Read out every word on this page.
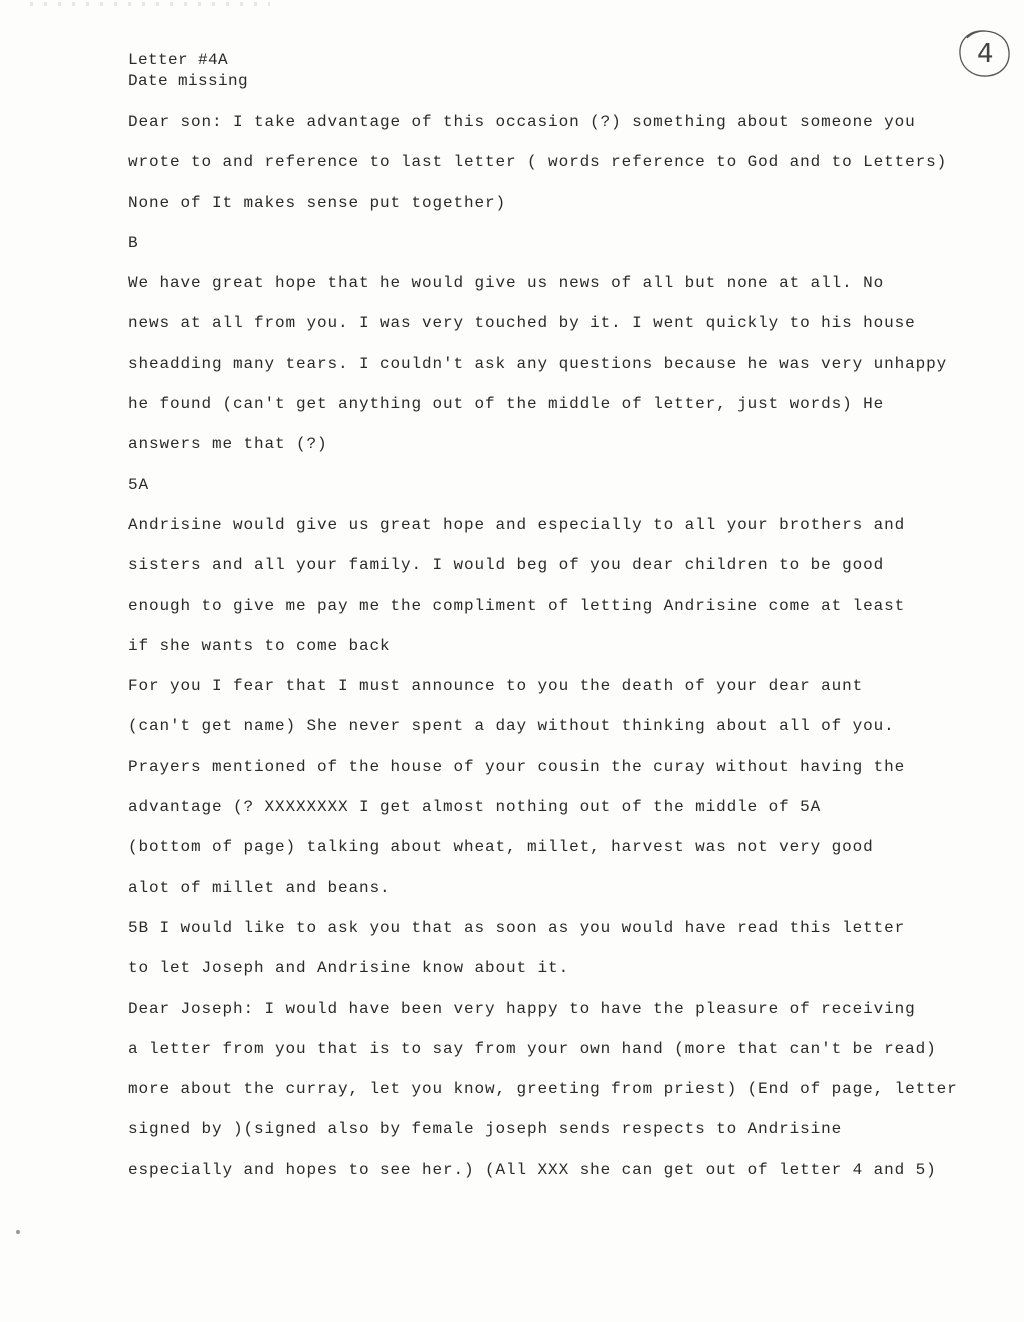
4
Letter #4A
Date missing
Dear son: I take advantage of this occasion (?) something about someone you
wrote to and reference to last letter ( words reference to God and to Letters)
None of It makes sense put together)
B
We have great hope that he would give us news of all but none at all. No
news at all from you. I was very touched by it. I went quickly to his house
sheadding many tears. I couldn't ask any questions because he was very unhappy
he found (can't get anything out of the middle of letter, just words) He
answers me that (?)
5A
Andrisine would give us great hope and especially to all your brothers and
sisters and all your family. I would beg of you dear children to be good
enough to give me pay me the compliment of letting Andrisine come at least
if she wants to come back
For you I fear that I must announce to you the death of your dear aunt
(can't get name) She never spent a day without thinking about all of you.
Prayers mentioned of the house of your cousin the curay without having the
advantage (? XXXXXXXX I get almost nothing out of the middle of 5A
(bottom of page) talking about wheat, millet, harvest was not very good
alot of millet and beans.
5B I would like to ask you that as soon as you would have read this letter
to let Joseph and Andrisine know about it.
Dear Joseph: I would have been very happy to have the pleasure of receiving
a letter from you that is to say from your own hand (more that can't be read)
more about the curray, let you know, greeting from priest) (End of page, letter
signed by )(signed also by female joseph sends respects to Andrisine
especially and hopes to see her.) (All XXX she can get out of letter 4 and 5)
